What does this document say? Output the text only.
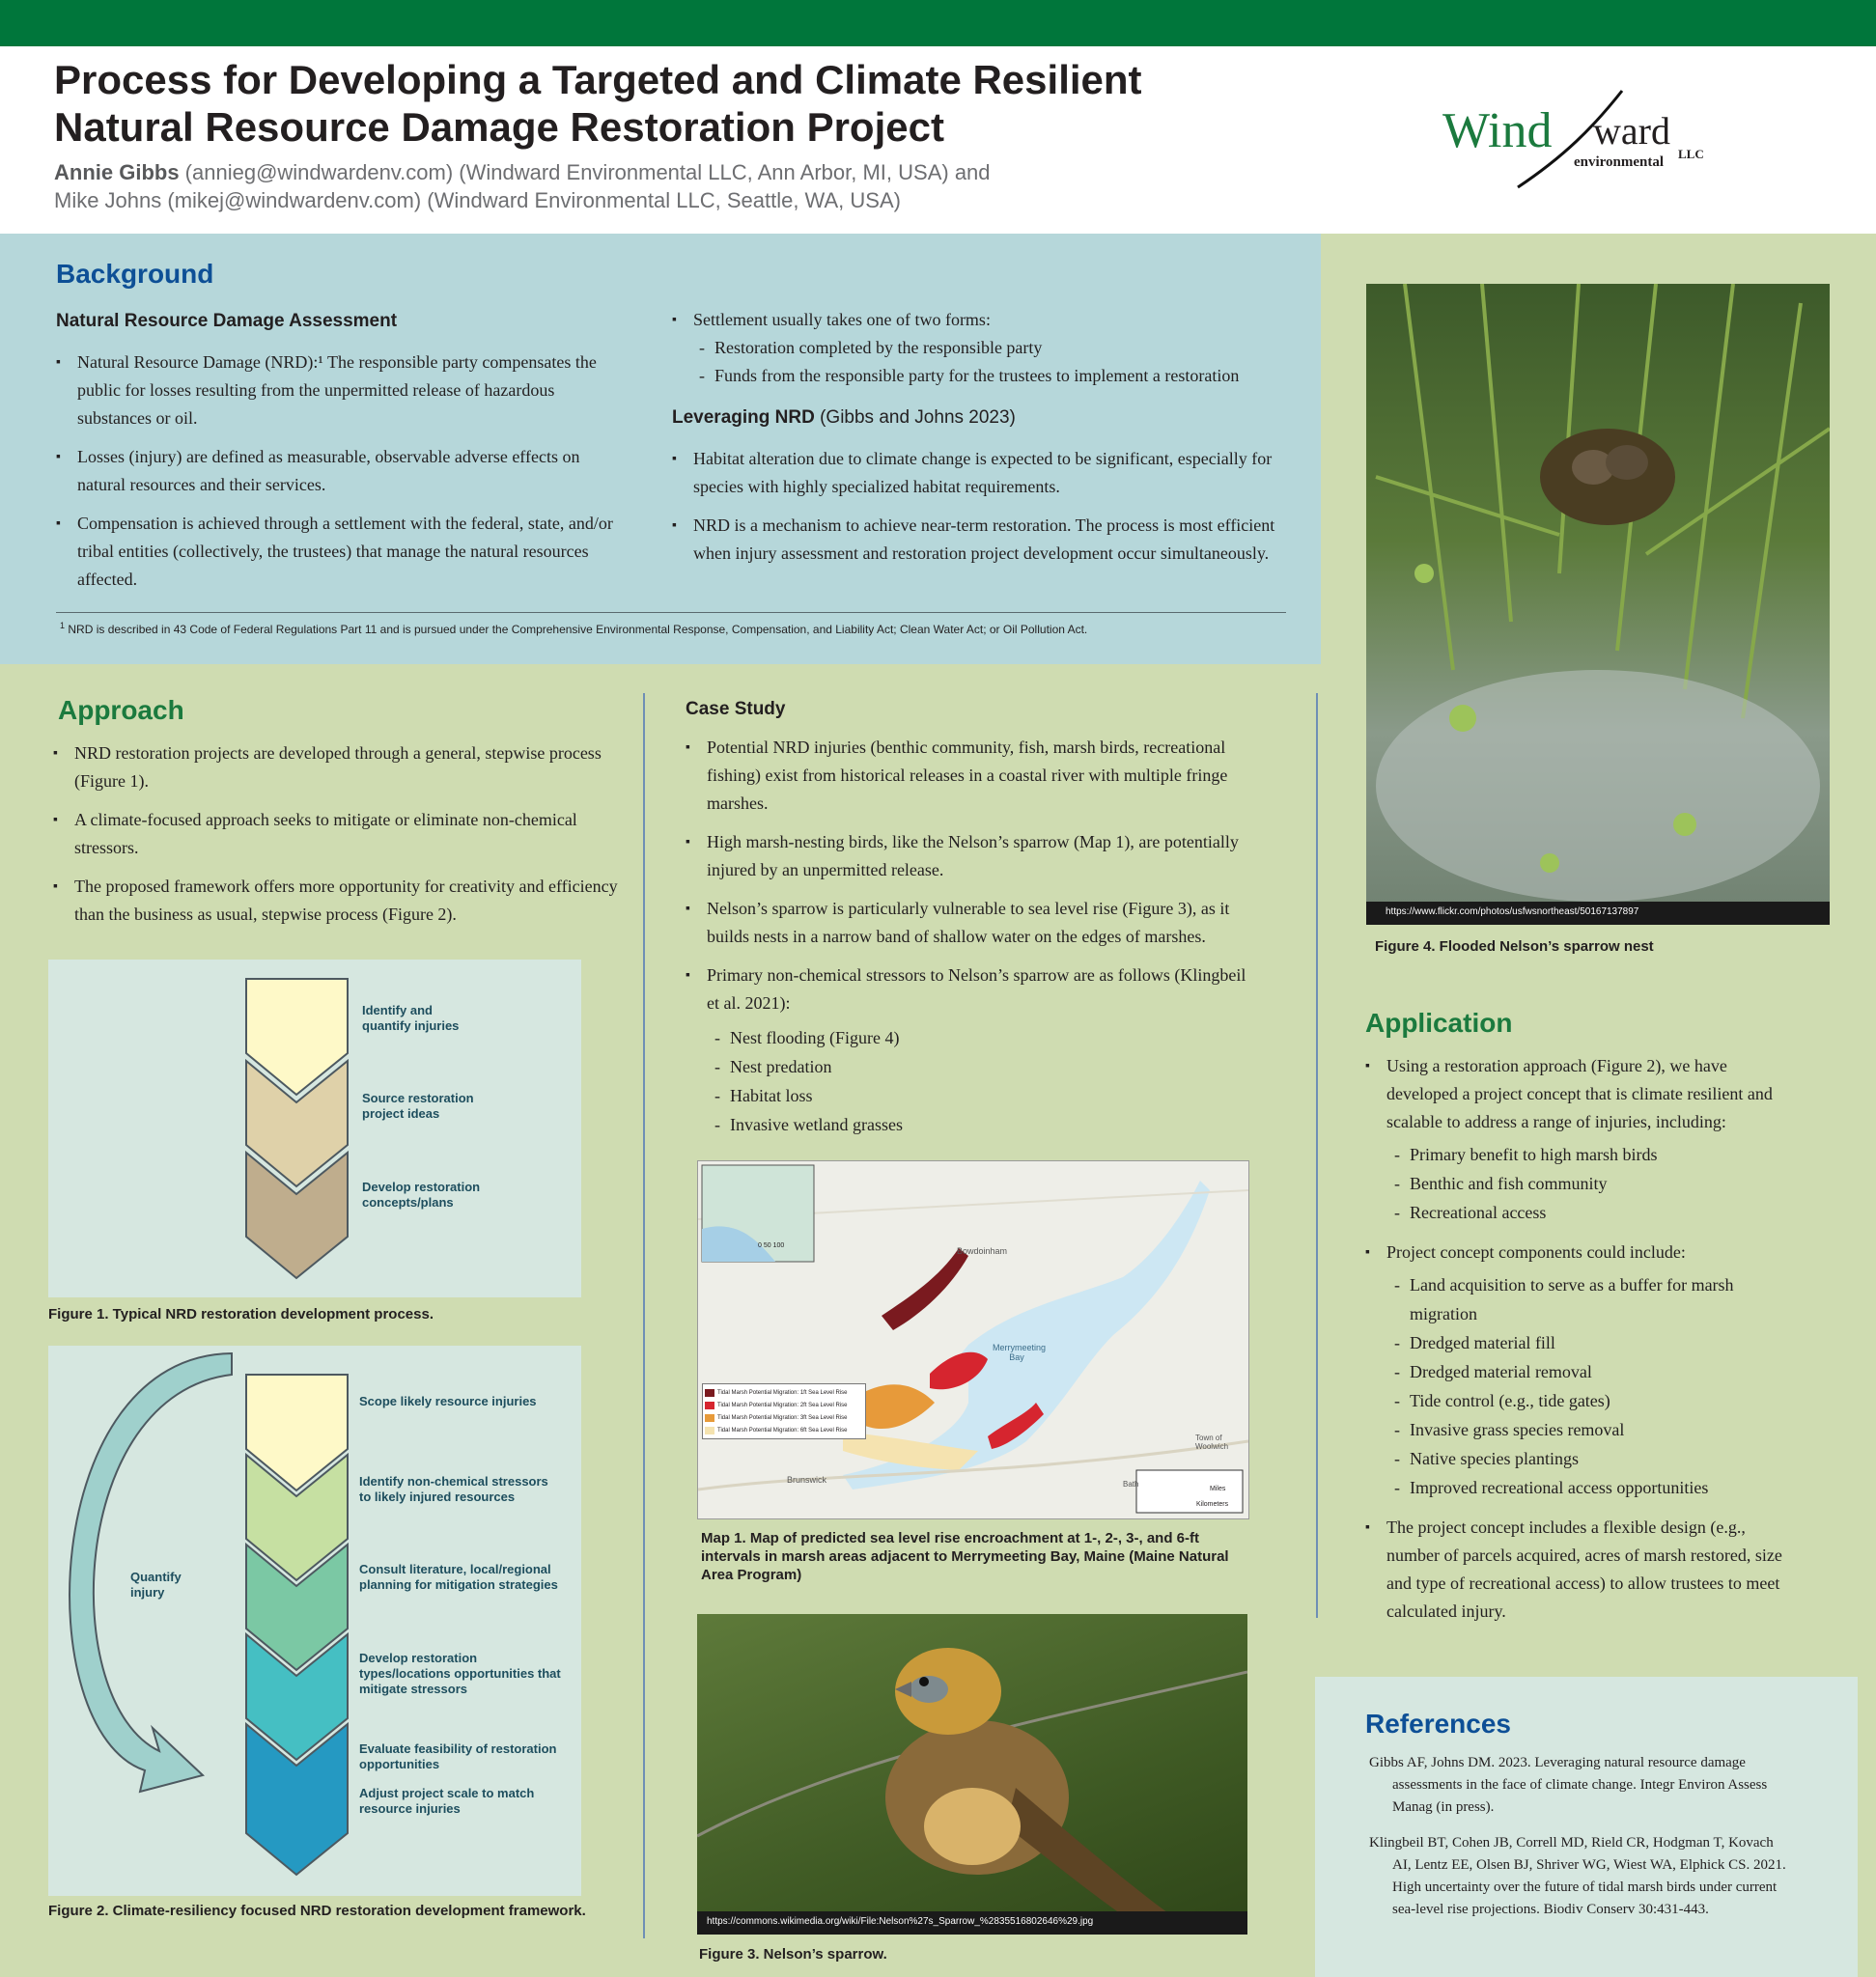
Process for Developing a Targeted and Climate Resilient
Natural Resource Damage Restoration Project
Annie Gibbs (annieg@windwardenv.com) (Windward Environmental LLC, Ann Arbor, MI, USA) and
Mike Johns (mikej@windwardenv.com) (Windward Environmental LLC, Seattle, WA, USA)
Wind ward
environmental
LLC
Background
Natural Resource Damage Assessment
▪ Natural Resource Damage (NRD):¹ The responsible party compensates the public for losses resulting from the unpermitted release of hazardous substances or oil.
▪ Losses (injury) are defined as measurable, observable adverse effects on natural resources and their services.
▪ Compensation is achieved through a settlement with the federal, state, and/or tribal entities (collectively, the trustees) that manage the natural resources affected.
▪ Settlement usually takes one of two forms:
- Restoration completed by the responsible party
- Funds from the responsible party for the trustees to implement a restoration
Leveraging NRD (Gibbs and Johns 2023)
▪ Habitat alteration due to climate change is expected to be significant, especially for species with highly specialized habitat requirements.
▪ NRD is a mechanism to achieve near-term restoration. The process is most efficient when injury assessment and restoration project development occur simultaneously.
$^1$ NRD is described in 43 Code of Federal Regulations Part 11 and is pursued under the Comprehensive Environmental Response, Compensation, and Liability Act; Clean Water Act; or Oil Pollution Act.
Approach
▪ NRD restoration projects are developed through a general, stepwise process (Figure 1).
▪ A climate-focused approach seeks to mitigate or eliminate non-chemical stressors.
▪ The proposed framework offers more opportunity for creativity and efficiency than the business as usual, stepwise process (Figure 2).
Identify and quantify injuries
Source restoration project ideas
Develop restoration concepts/plans
Figure 1. Typical NRD restoration development process.
Quantify injury
Scope likely resource injuries
Identify non-chemical stressors to likely injured resources
Consult literature, local/regional planning for mitigation strategies
Develop restoration types/locations opportunities that mitigate stressors
Evaluate feasibility of restoration opportunities
Adjust project scale to match resource injuries
Figure 2. Climate-resiliency focused NRD restoration development framework.
Case Study
▪ Potential NRD injuries (benthic community, fish, marsh birds, recreational fishing) exist from historical releases in a coastal river with multiple fringe marshes.
▪ High marsh-nesting birds, like the Nelson’s sparrow (Map 1), are potentially injured by an unpermitted release.
▪ Nelson’s sparrow is particularly vulnerable to sea level rise (Figure 3), as it builds nests in a narrow band of shallow water on the edges of marshes.
▪ Primary non-chemical stressors to Nelson’s sparrow are as follows (Klingbeil et al. 2021):
- Nest flooding (Figure 4)
- Nest predation
- Habitat loss
- Invasive wetland grasses
0 50 100
Bowdoinham
Merrymeeting Bay
Brunswick	Bath
Town of Woolwich
Tidal Marsh Potential Migration: 1ft Sea Level Rise
Tidal Marsh Potential Migration: 2ft Sea Level Rise
Tidal Marsh Potential Migration: 3ft Sea Level Rise
Tidal Marsh Potential Migration: 6ft Sea Level Rise
Miles
Kilometers
Map 1. Map of predicted sea level rise encroachment at 1-, 2-, 3-, and 6-ft intervals in marsh areas adjacent to Merrymeeting Bay, Maine (Maine Natural Area Program)
https://commons.wikimedia.org/wiki/File:Nelson%27s_Sparrow_%2835516802646%29.jpg
Figure 3. Nelson’s sparrow.
https://www.flickr.com/photos/usfwsnortheast/50167137897
Figure 4. Flooded Nelson’s sparrow nest
Application
▪ Using a restoration approach (Figure 2), we have developed a project concept that is climate resilient and scalable to address a range of injuries, including:
- Primary benefit to high marsh birds
- Benthic and fish community
- Recreational access
▪ Project concept components could include:
- Land acquisition to serve as a buffer for marsh migration
- Dredged material fill
- Dredged material removal
- Tide control (e.g., tide gates)
- Invasive grass species removal
- Native species plantings
- Improved recreational access opportunities
▪ The project concept includes a flexible design (e.g., number of parcels acquired, acres of marsh restored, size and type of recreational access) to allow trustees to meet calculated injury.
References
Gibbs AF, Johns DM. 2023. Leveraging natural resource damage assessments in the face of climate change. Integr Environ Assess Manag (in press).
Klingbeil BT, Cohen JB, Correll MD, Rield CR, Hodgman T, Kovach AI, Lentz EE, Olsen BJ, Shriver WG, Wiest WA, Elphick CS. 2021. High uncertainty over the future of tidal marsh birds under current sea-level rise projections. Biodiv Conserv 30:431-443.
